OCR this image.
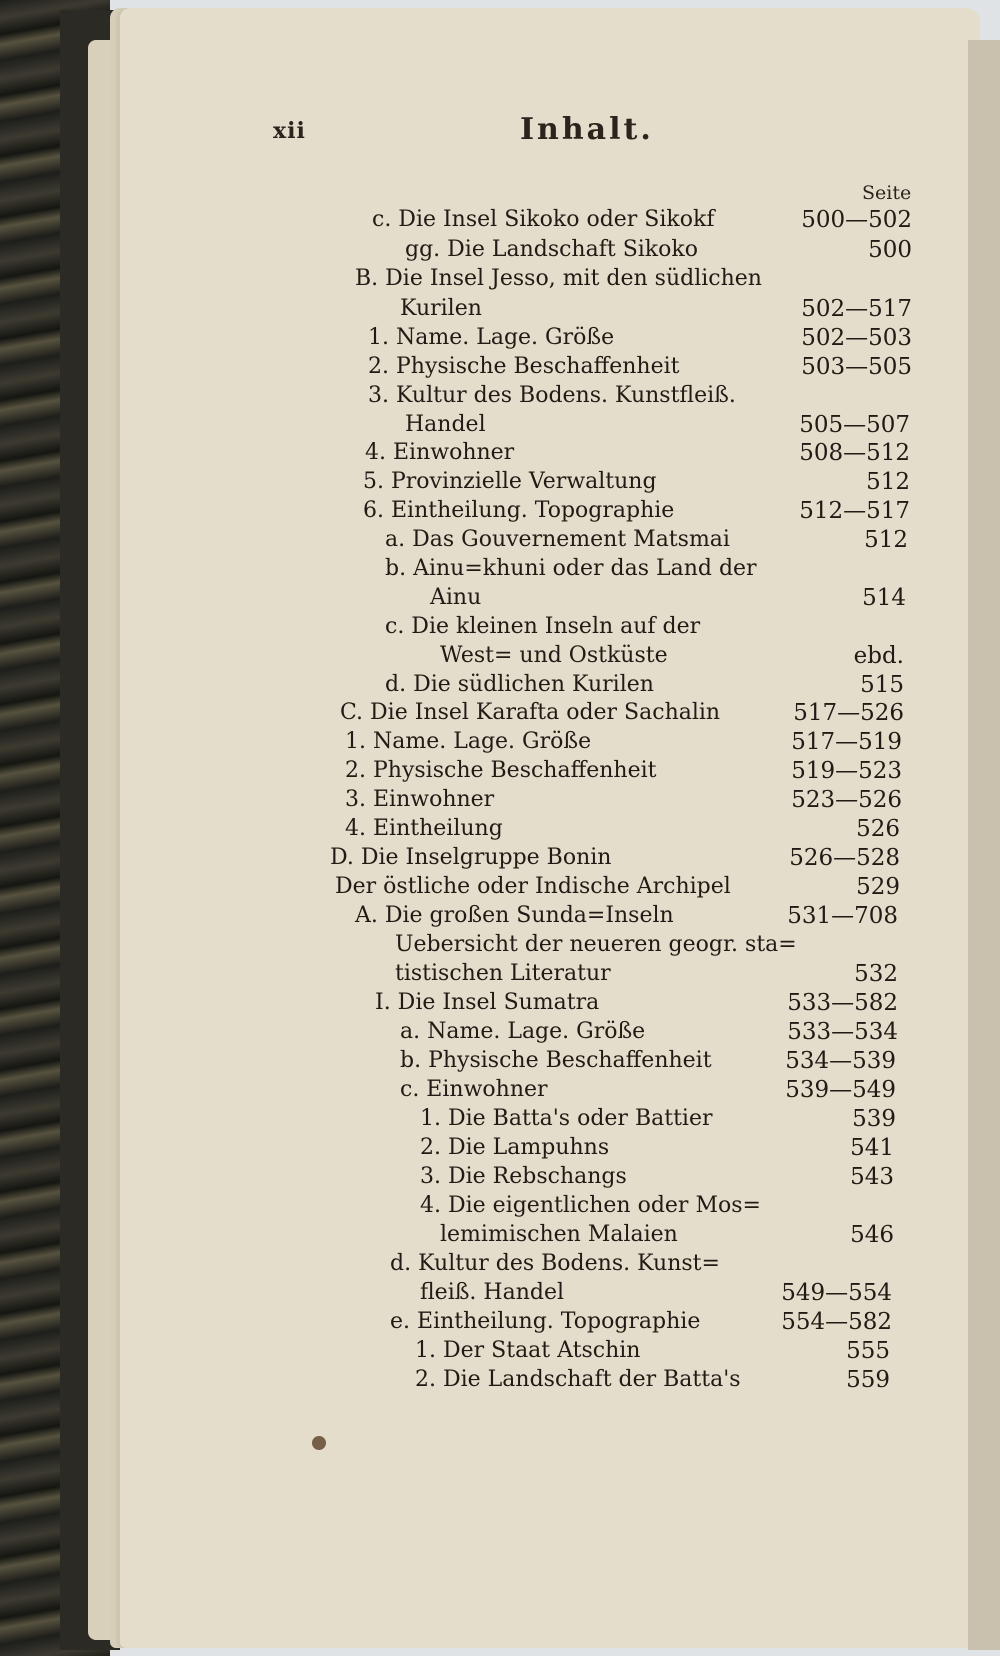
xii	Inhalt.
Seite
c. Die Insel Sikoko oder Sikokf	500—502
gg. Die Landschaft Sikoko	500
B. Die Insel Jesso, mit den südlichen
Kurilen	502—517
1. Name. Lage. Größe	502—503
2. Physische Beschaffenheit	503—505
3. Kultur des Bodens. Kunstfleiß.
Handel	505—507
4. Einwohner	508—512
5. Provinzielle Verwaltung	512
6. Eintheilung. Topographie	512—517
a. Das Gouvernement Matsmai	512
b. Ainu=khuni oder das Land der
Ainu	514
c. Die kleinen Inseln auf der
West= und Ostküste	ebd.
d. Die südlichen Kurilen	515
C. Die Insel Karafta oder Sachalin	517—526
1. Name. Lage. Größe	517—519
2. Physische Beschaffenheit	519—523
3. Einwohner	523—526
4. Eintheilung	526
D. Die Inselgruppe Bonin	526—528
Der östliche oder Indische Archipel	529
A. Die großen Sunda=Inseln	531—708
Uebersicht der neueren geogr. sta=
tistischen Literatur	532
I. Die Insel Sumatra	533—582
a. Name. Lage. Größe	533—534
b. Physische Beschaffenheit	534—539
c. Einwohner	539—549
1. Die Batta's oder Battier	539
2. Die Lampuhns	541
3. Die Rebschangs	543
4. Die eigentlichen oder Mos=
lemimischen Malaien	546
d. Kultur des Bodens. Kunst=
fleiß. Handel	549—554
e. Eintheilung. Topographie	554—582
1. Der Staat Atschin	555
2. Die Landschaft der Batta's	559
